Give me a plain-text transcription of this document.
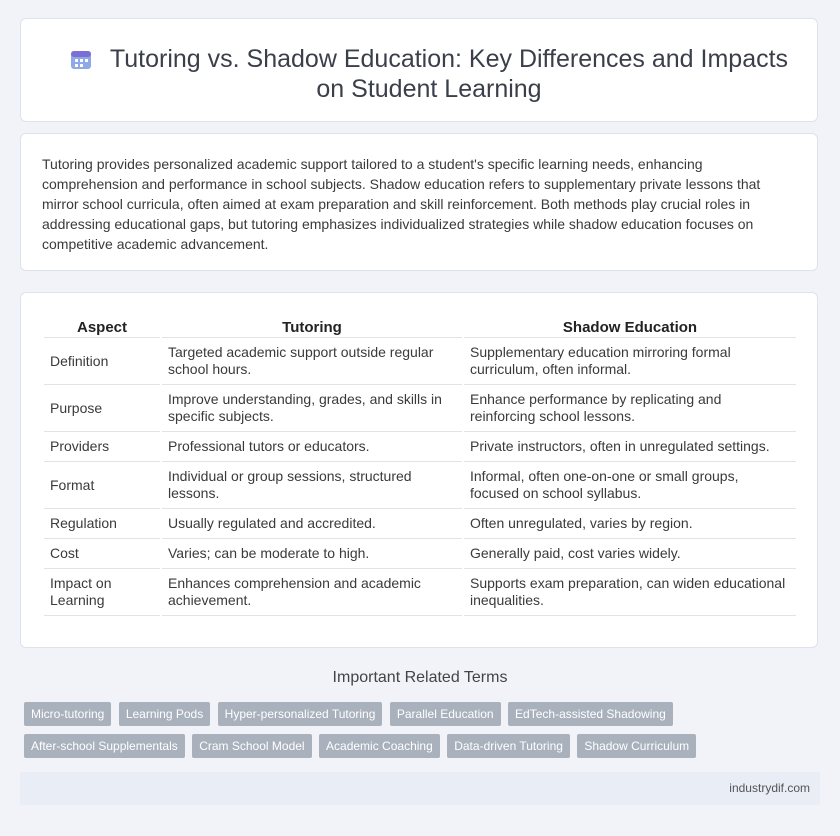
Tutoring vs. Shadow Education: Key Differences and Impacts on Student Learning
Tutoring provides personalized academic support tailored to a student's specific learning needs, enhancing comprehension and performance in school subjects. Shadow education refers to supplementary private lessons that mirror school curricula, often aimed at exam preparation and skill reinforcement. Both methods play crucial roles in addressing educational gaps, but tutoring emphasizes individualized strategies while shadow education focuses on competitive academic advancement.
Aspect	Tutoring	Shadow Education
Definition	Targeted academic support outside regular school hours.	Supplementary education mirroring formal curriculum, often informal.
Purpose	Improve understanding, grades, and skills in specific subjects.	Enhance performance by replicating and reinforcing school lessons.
Providers	Professional tutors or educators.	Private instructors, often in unregulated settings.
Format	Individual or group sessions, structured lessons.	Informal, often one-on-one or small groups, focused on school syllabus.
Regulation	Usually regulated and accredited.	Often unregulated, varies by region.
Cost	Varies; can be moderate to high.	Generally paid, cost varies widely.
Impact on Learning	Enhances comprehension and academic achievement.	Supports exam preparation, can widen educational inequalities.
Important Related Terms
Micro-tutoring Learning Pods Hyper-personalized Tutoring Parallel Education EdTech-assisted Shadowing After-school Supplementals Cram School Model Academic Coaching Data-driven Tutoring Shadow Curriculum
industrydif.com
